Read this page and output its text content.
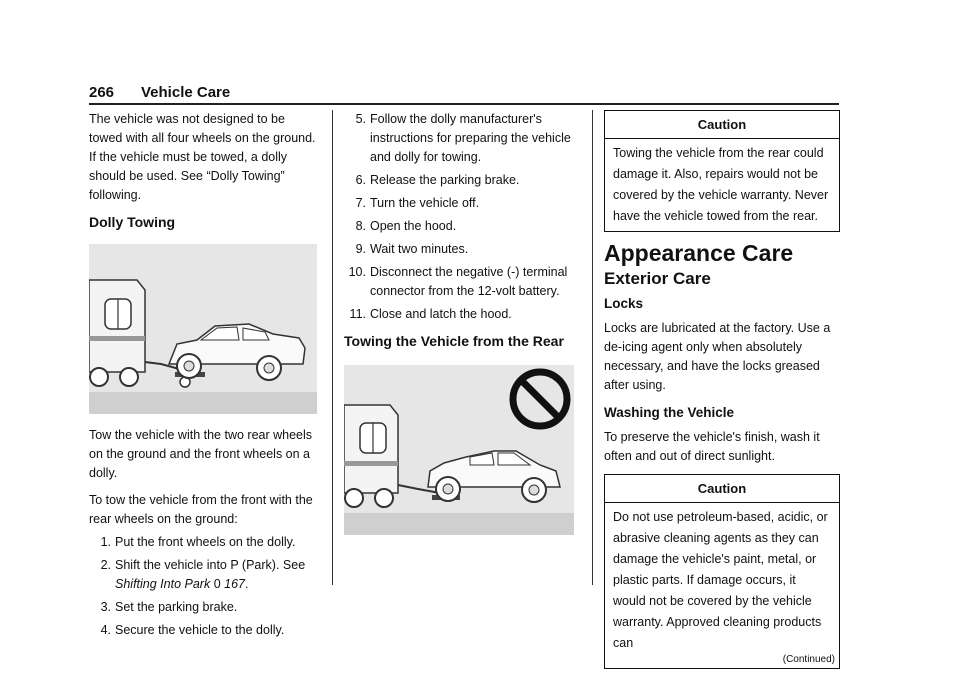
266 Vehicle Care

The vehicle was not designed to be towed with all four wheels on the ground. If the vehicle must be towed, a dolly should be used. See “Dolly Towing” following.

Dolly Towing

Tow the vehicle with the two rear wheels on the ground and the front wheels on a dolly.

To tow the vehicle from the front with the rear wheels on the ground:

1. Put the front wheels on the dolly.
2. Shift the vehicle into P (Park). See Shifting Into Park 0 167.
3. Set the parking brake.
4. Secure the vehicle to the dolly.
5. Follow the dolly manufacturer's instructions for preparing the vehicle and dolly for towing.
6. Release the parking brake.
7. Turn the vehicle off.
8. Open the hood.
9. Wait two minutes.
10. Disconnect the negative (-) terminal connector from the 12-volt battery.
11. Close and latch the hood.
Towing the Vehicle from the Rear
Caution
Towing the vehicle from the rear could damage it. Also, repairs would not be covered by the vehicle warranty. Never have the vehicle towed from the rear.
Appearance Care
Exterior Care
Locks

Locks are lubricated at the factory. Use a de-icing agent only when absolutely necessary, and have the locks greased after using.

Washing the Vehicle

To preserve the vehicle's finish, wash it often and out of direct sunlight.

Caution
Do not use petroleum-based, acidic, or abrasive cleaning agents as they can damage the vehicle's paint, metal, or plastic parts. If damage occurs, it would not be covered by the vehicle warranty. Approved cleaning products can
(Continued)
